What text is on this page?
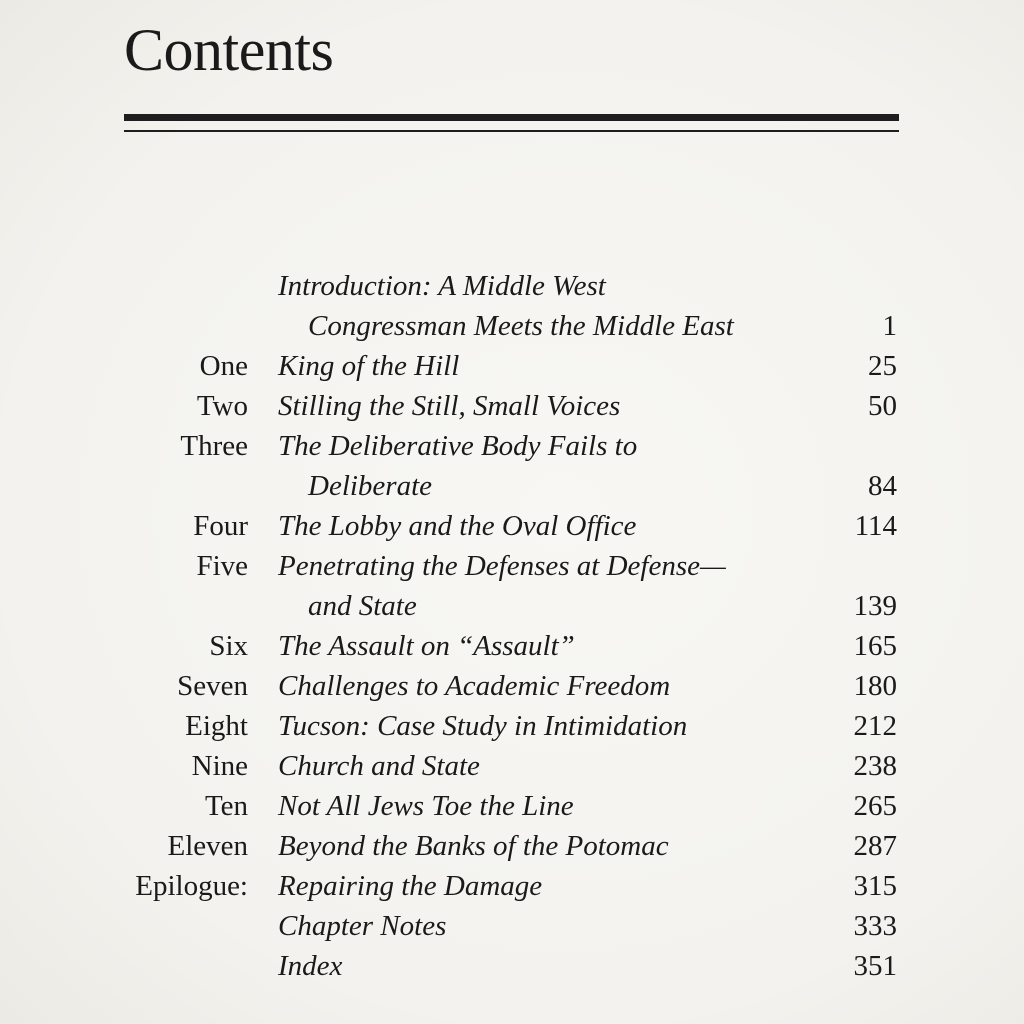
Contents
Introduction: A Middle West
Congressman Meets the Middle East	1
One King of the Hill	25
Two Stilling the Still, Small Voices	50
Three The Deliberative Body Fails to
Deliberate	84
Four The Lobby and the Oval Office	114
Five Penetrating the Defenses at Defense—
and State	139
Six The Assault on “Assault”	165
Seven Challenges to Academic Freedom	180
Eight Tucson: Case Study in Intimidation	212
Nine Church and State	238
Ten Not All Jews Toe the Line	265
Eleven Beyond the Banks of the Potomac	287
Epilogue: Repairing the Damage	315
Chapter Notes	333
Index	351
